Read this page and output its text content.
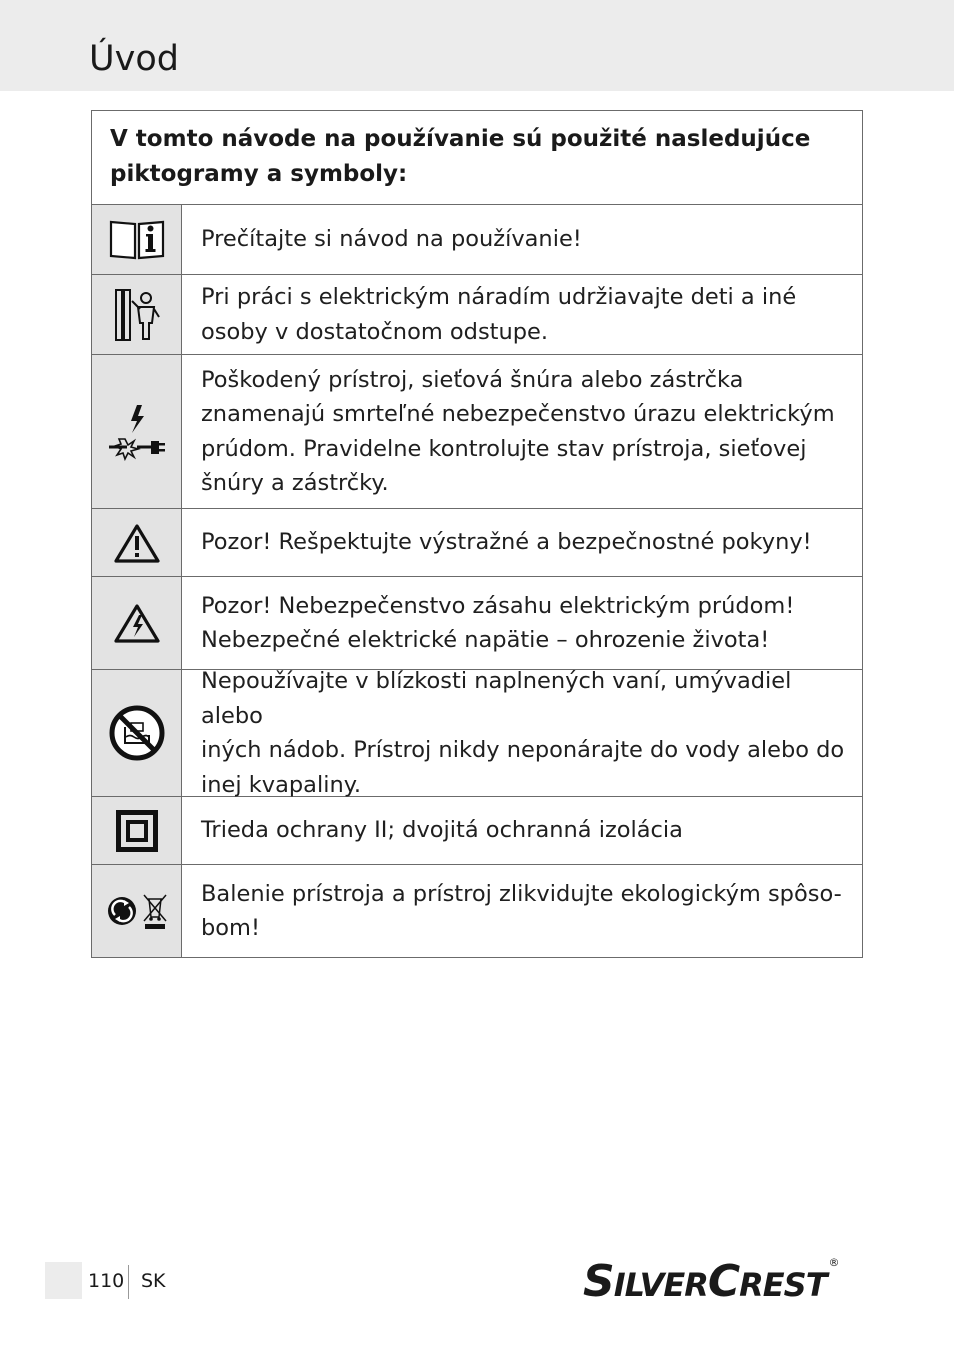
Úvod
V tomto návode na používanie sú použité nasledujúce piktogramy a symboly:
Prečítajte si návod na používanie!
Pri práci s elektrickým náradím udržiavajte deti a iné
osoby v dostatočnom odstupe.
Poškodený prístroj, sieťová šnúra alebo zástrčka
znamenajú smrteľné nebezpečenstvo úrazu elektrickým
prúdom. Pravidelne kontrolujte stav prístroja, sieťovej
šnúry a zástrčky.
Pozor! Rešpektujte výstražné a bezpečnostné pokyny!
Pozor! Nebezpečenstvo zásahu elektrickým prúdom!
Nebezpečné elektrické napätie – ohrozenie života!
Nepoužívajte v blízkosti naplnených vaní, umývadiel alebo
iných nádob. Prístroj nikdy neponárajte do vody alebo do
inej kvapaliny.
Trieda ochrany II; dvojitá ochranná izolácia
Balenie prístroja a prístroj zlikvidujte ekologickým spôso-
bom!
110 SK	SILVERCREST®
